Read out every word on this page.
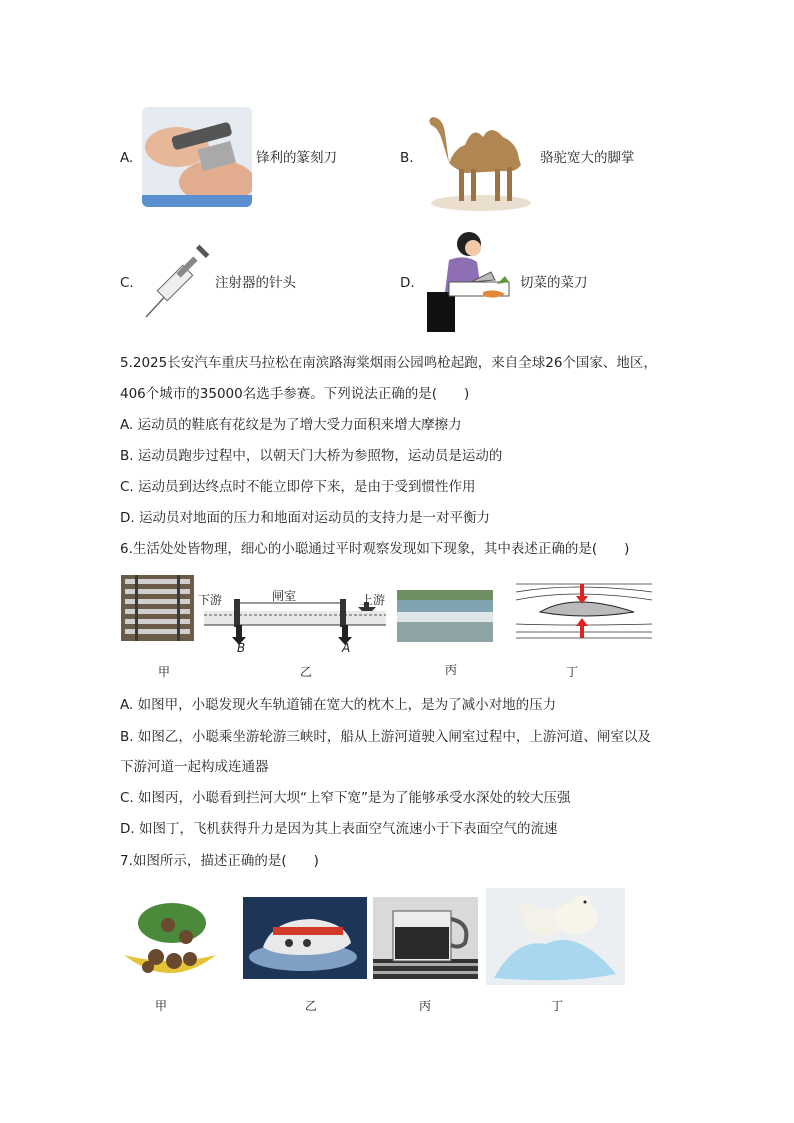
A.	锋利的篆刻刀	B.	骆驼宽大的脚掌
C.	注射器的针头	D.	切菜的菜刀
5.2025长安汽车重庆马拉松在南滨路海棠烟雨公园鸣枪起跑，来自全球26个国家、地区，
406个城市的35000名选手参赛。下列说法正确的是(　　)
A. 运动员的鞋底有花纹是为了增大受力面积来增大摩擦力
B. 运动员跑步过程中，以朝天门大桥为参照物，运动员是运动的
C. 运动员到达终点时不能立即停下来，是由于受到惯性作用
D. 运动员对地面的压力和地面对运动员的支持力是一对平衡力
6.生活处处皆物理，细心的小聪通过平时观察发现如下现象，其中表述正确的是(　　)
下游	闸室	上游
B	A
甲	乙	丙	丁
A. 如图甲，小聪发现火车轨道铺在宽大的枕木上，是为了减小对地的压力
B. 如图乙，小聪乘坐游轮游三峡时，船从上游河道驶入闸室过程中，上游河道、闸室以及
下游河道一起构成连通器
C. 如图丙，小聪看到拦河大坝“上窄下宽”是为了能够承受水深处的较大压强
D. 如图丁，飞机获得升力是因为其上表面空气流速小于下表面空气的流速
7.如图所示，描述正确的是(　　)
甲	乙	丙	丁
